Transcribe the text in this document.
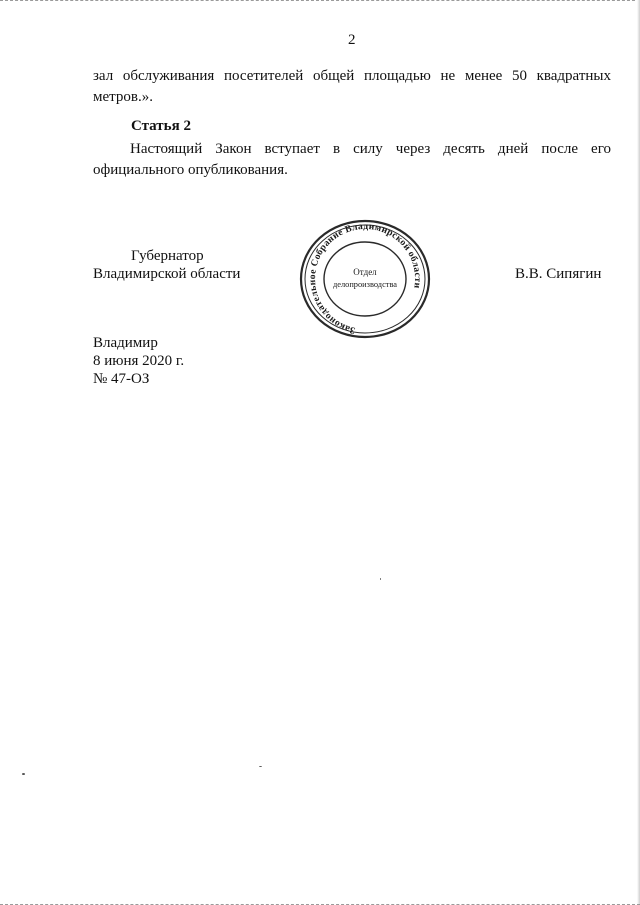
2
зал обслуживания посетителей общей площадью не менее 50 квадратных метров.».
Статья 2
Настоящий Закон вступает в силу через десять дней после его официального опубликования.
Губернатор
Владимирской области	В.В. Сипягин
Законодательное Собрание Владимирской области
Отдел
делопроизводства
Владимир
8 июня 2020 г.
№ 47-ОЗ
